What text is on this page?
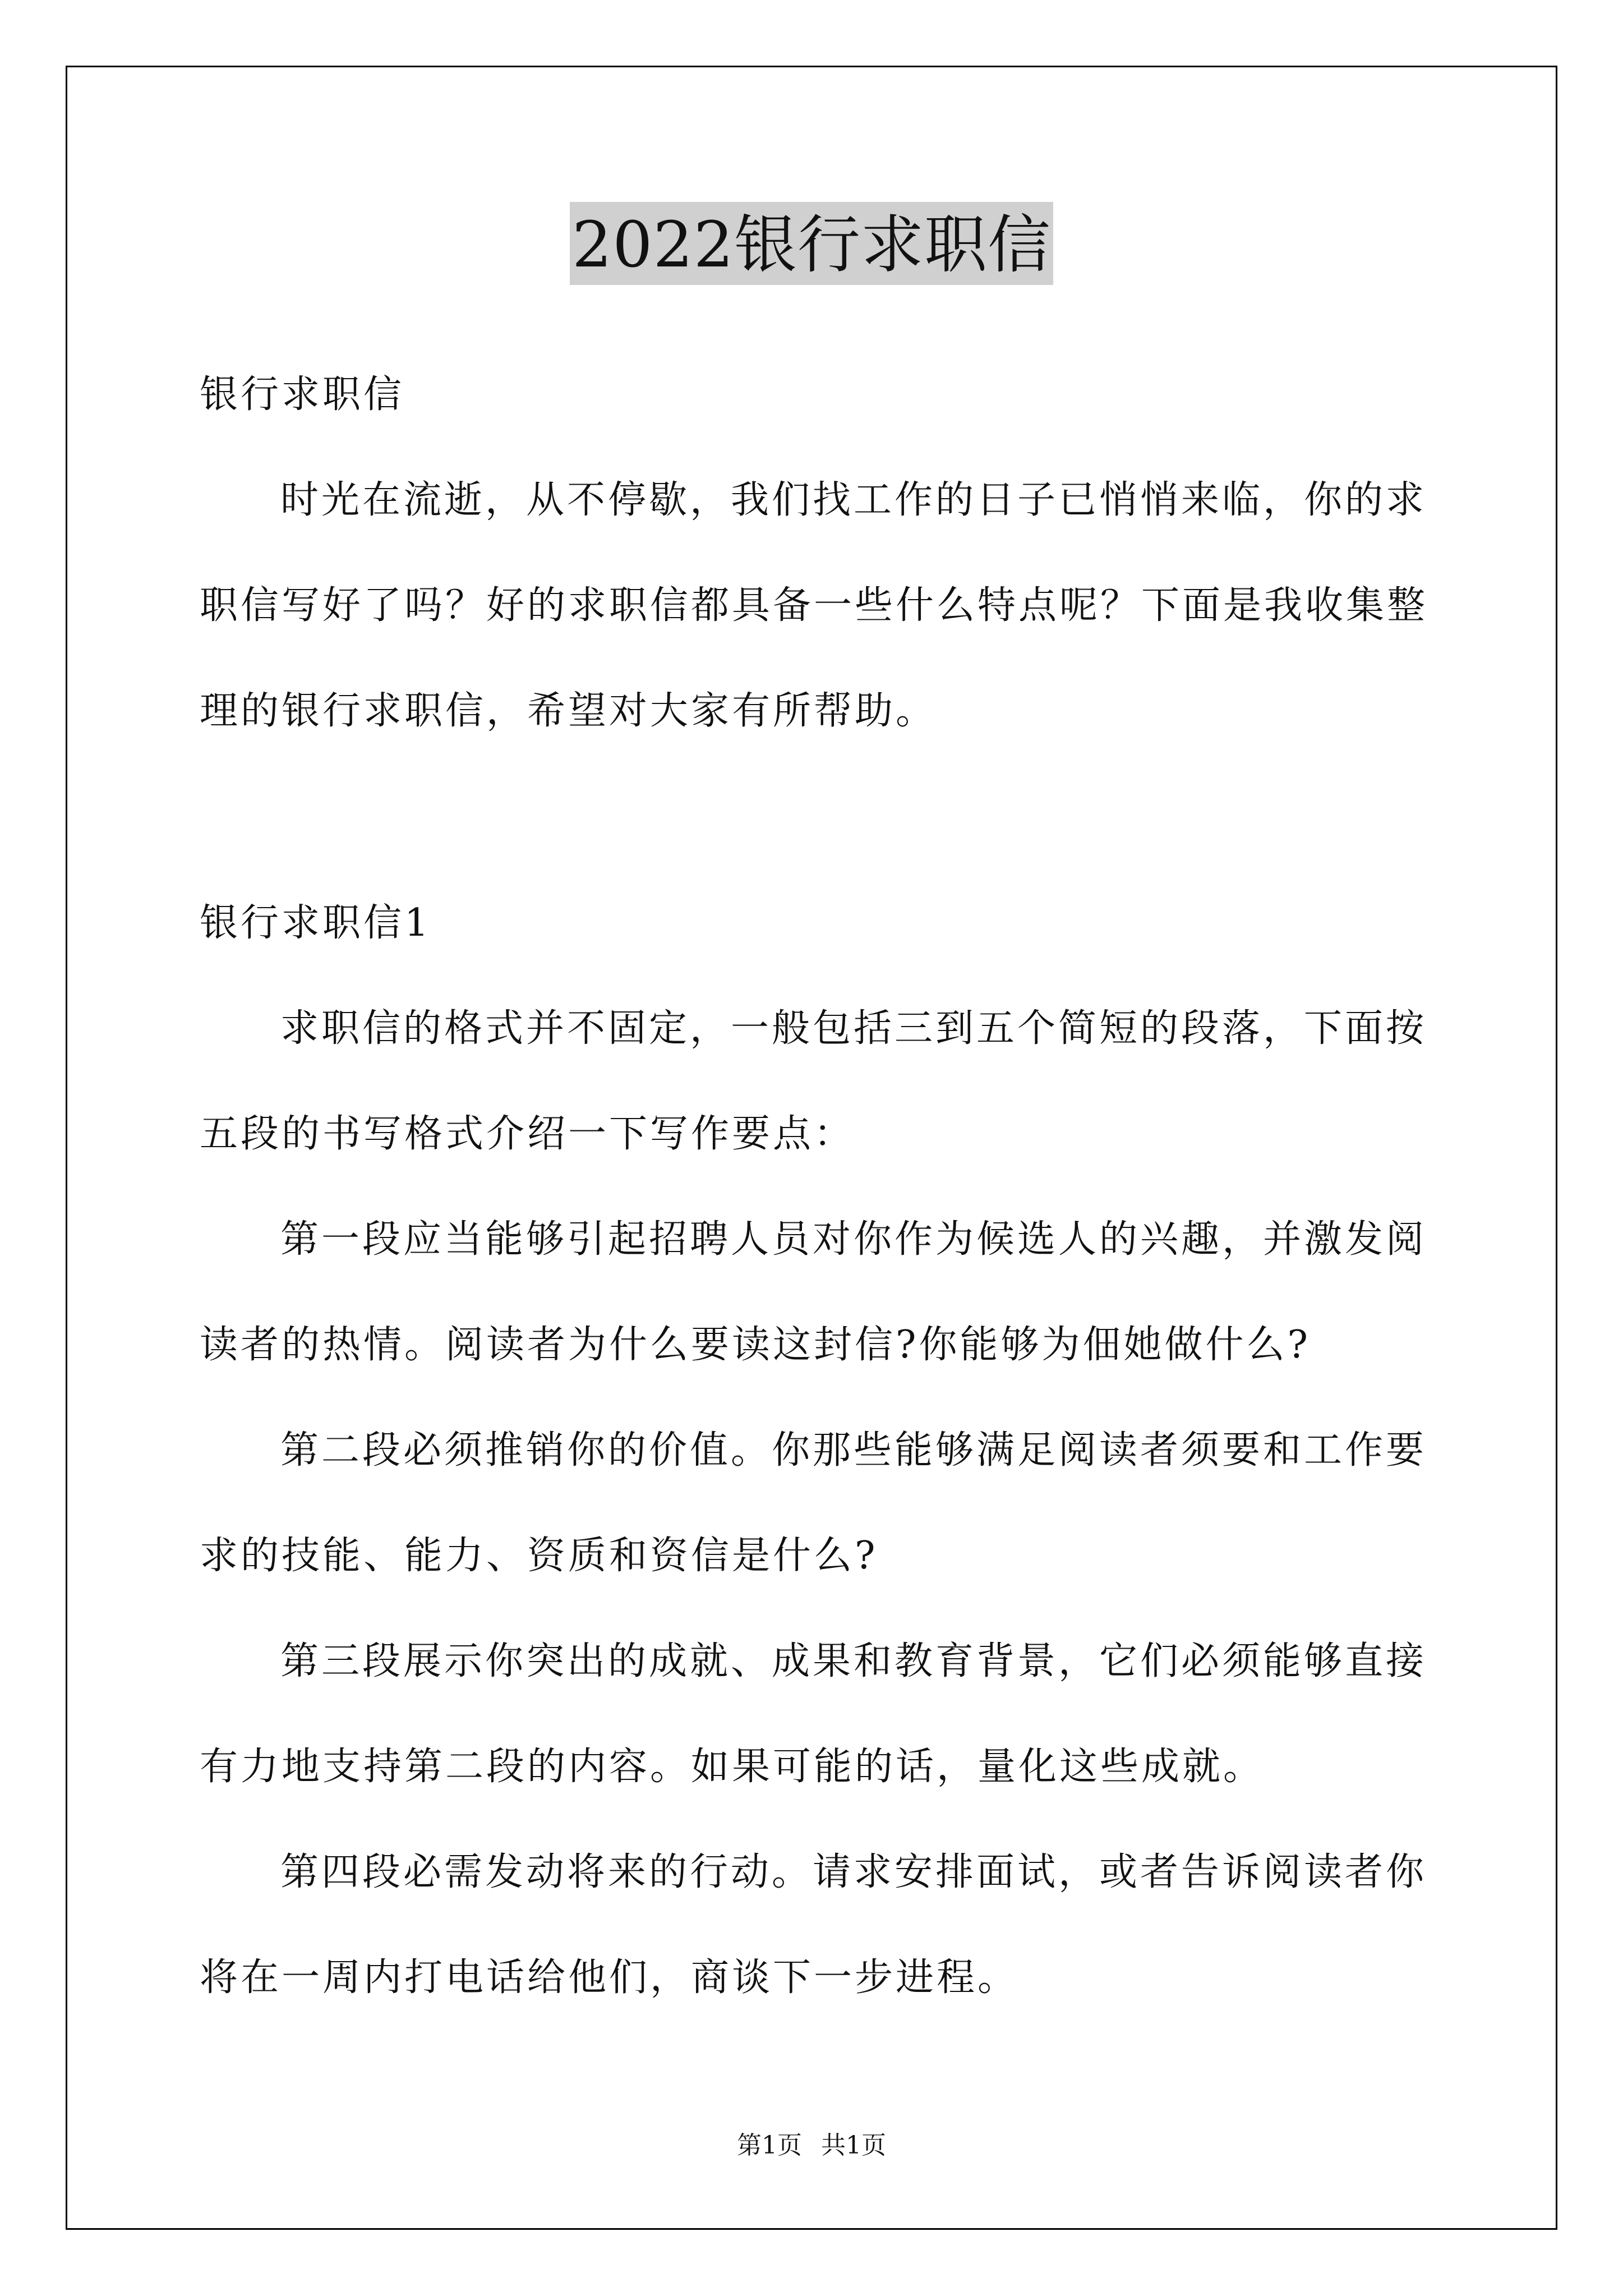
2022银行求职信
银行求职信
时光在流逝，从不停歇，我们找工作的日子已悄悄来临，你的求
职信写好了吗？好的求职信都具备一些什么特点呢？下面是我收集整
理的银行求职信，希望对大家有所帮助。
银行求职信1
求职信的格式并不固定，一般包括三到五个简短的段落，下面按
五段的书写格式介绍一下写作要点：
第一段应当能够引起招聘人员对你作为候选人的兴趣，并激发阅
读者的热情。阅读者为什么要读这封信?你能够为佃她做什么?
第二段必须推销你的价值。你那些能够满足阅读者须要和工作要
求的技能、能力、资质和资信是什么?
第三段展示你突出的成就、成果和教育背景，它们必须能够直接
有力地支持第二段的内容。如果可能的话，量化这些成就。
第四段必需发动将来的行动。请求安排面试，或者告诉阅读者你
将在一周内打电话给他们，商谈下一步进程。
第1页 共1页
